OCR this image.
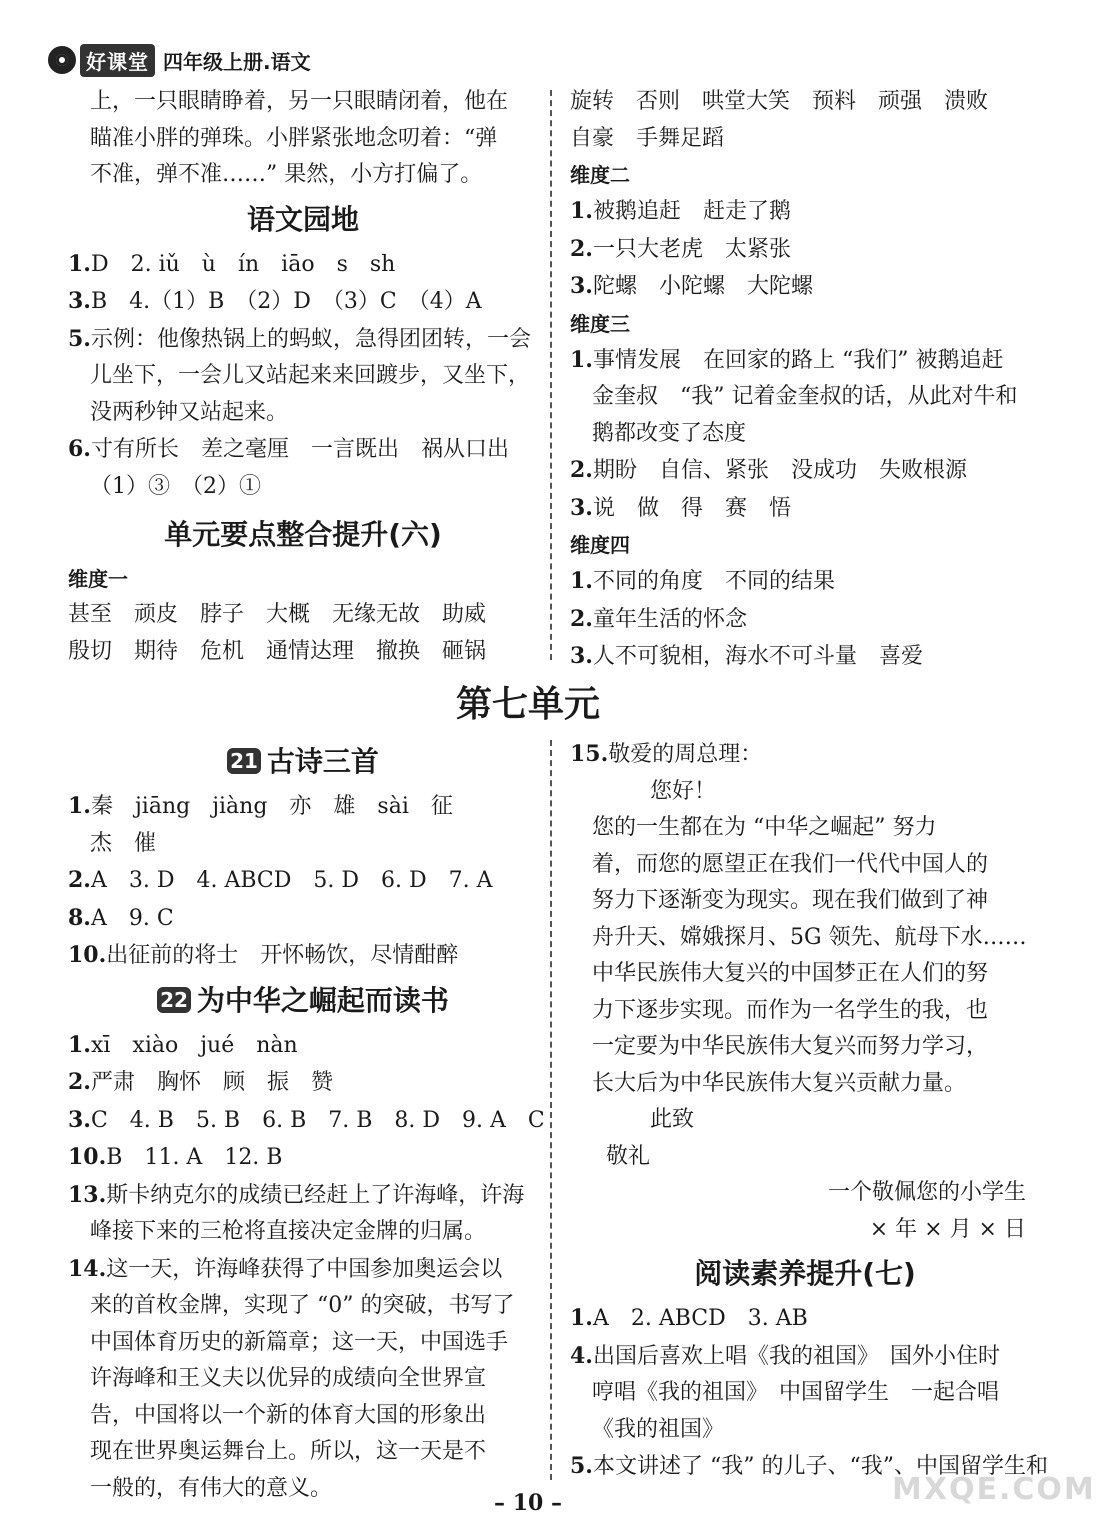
好课堂 四年级上册.语文
上，一只眼睛睁着，另一只眼睛闭着，他在
瞄准小胖的弹珠。小胖紧张地念叨着：“弹
不准，弹不准……” 果然，小方打偏了。
语文园地
1.D　2. iǔ　ù　ín　iāo　s　sh
3.B　4.（1）B　（2）D　（3）C　（4）A
5.示例：他像热锅上的蚂蚁，急得团团转，一会
儿坐下，一会儿又站起来来回踱步，又坐下，
没两秒钟又站起来。
6.寸有所长　差之毫厘　一言既出　祸从口出
（1）③　（2）①
单元要点整合提升(六)
维度一
甚至　顽皮　脖子　大概　无缘无故　助威
殷切　期待　危机　通情达理　撤换　砸锅
旋转　否则　哄堂大笑　预料　顽强　溃败
自豪　手舞足蹈
维度二
1.被鹅追赶　赶走了鹅
2.一只大老虎　太紧张
3.陀螺　小陀螺　大陀螺
维度三
1.事情发展　在回家的路上 “我们” 被鹅追赶
金奎叔　“我” 记着金奎叔的话，从此对牛和
鹅都改变了态度
2.期盼　自信、紧张　没成功　失败根源
3.说　做　得　赛　悟
维度四
1.不同的角度　不同的结果
2.童年生活的怀念
3.人不可貌相，海水不可斗量　喜爱
第七单元
21 古诗三首
1.秦　jiāng　jiàng　亦　雄　sài　征
杰　催
2.A　3. D　4. ABCD　5. D　6. D　7. A
8.A　9. C
10.出征前的将士　开怀畅饮，尽情酣醉
22 为中华之崛起而读书
1.xī　xiào　jué　nàn
2.严肃　胸怀　顾　振　赞
3.C　4. B　5. B　6. B　7. B　8. D　9. A　C
10.B　11. A　12. B
13.斯卡纳克尔的成绩已经赶上了许海峰，许海
峰接下来的三枪将直接决定金牌的归属。
14.这一天，许海峰获得了中国参加奥运会以
来的首枚金牌，实现了 “0” 的突破，书写了
中国体育历史的新篇章；这一天，中国选手
许海峰和王义夫以优异的成绩向全世界宣
告，中国将以一个新的体育大国的形象出
现在世界奥运舞台上。所以，这一天是不
一般的，有伟大的意义。
15.敬爱的周总理：
您好！
您的一生都在为 “中华之崛起” 努力
着，而您的愿望正在我们一代代中国人的
努力下逐渐变为现实。现在我们做到了神
舟升天、嫦娥探月、5G 领先、航母下水……
中华民族伟大复兴的中国梦正在人们的努
力下逐步实现。而作为一名学生的我，也
一定要为中华民族伟大复兴而努力学习，
长大后为中华民族伟大复兴贡献力量。
此致
敬礼
一个敬佩您的小学生
× 年 × 月 × 日
阅读素养提升(七)
1.A　2. ABCD　3. AB
4.出国后喜欢上唱《我的祖国》　国外小住时
哼唱《我的祖国》　中国留学生　一起合唱
《我的祖国》
5.本文讲述了 “我” 的儿子、“我”、中国留学生和
– 10 –	MXQE.COM
